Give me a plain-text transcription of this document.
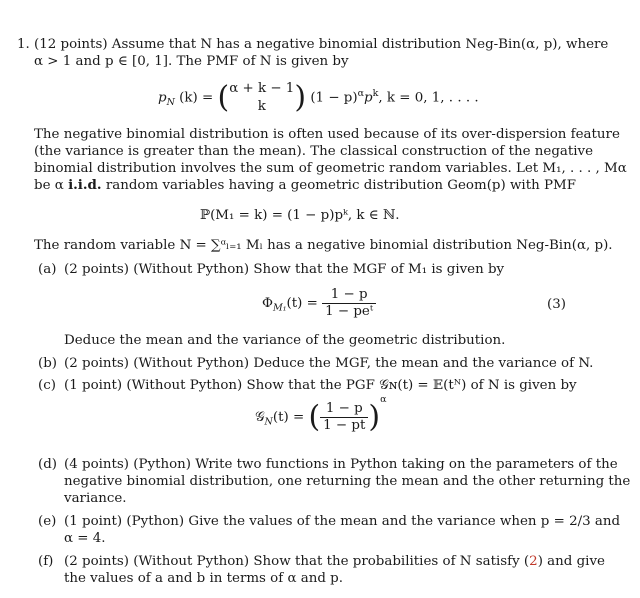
1. (12 points) Assume that N has a negative binomial distribution Neg-Bin(α, p), where
α > 1 and p ∈ [0, 1]. The PMF of N is given by
$p_N$ (k) = ( α + k − 1
k ) $(1 - p)^\alpha p^k$, k = 0, 1, . . . .
The negative binomial distribution is often used because of its over-dispersion feature
(the variance is greater than the mean). The classical construction of the negative
binomial distribution involves the sum of geometric random variables. Let M₁, . . . , Mα
be α i.i.d. random variables having a geometric distribution Geom(p) with PMF
ℙ(M₁ = k) = (1 − p)pᵏ, k ∈ ℕ.
The random variable N = ∑ᵅₗ₌₁ Mₗ has a negative binomial distribution Neg-Bin(α, p).
(a) (2 points) (Without Python) Show that the MGF of M₁ is given by
$\Phi_{M_1}(t) = \frac{1 - p}{\text{1 − peᵗ}}$	(3)
Deduce the mean and the variance of the geometric distribution.
(b) (2 points) (Without Python) Deduce the MGF, the mean and the variance of N.
(c) (1 point) (Without Python) Show that the PGF 𝒢ɴ(t) = 𝔼(tᴺ) of N is given by
𝒢$_N$(t) = ( $\frac{1 - p}{1 - pt} )^\alpha$
(d) (4 points) (Python) Write two functions in Python taking on the parameters of the
negative binomial distribution, one returning the mean and the other returning the
variance.
(e) (1 point) (Python) Give the values of the mean and the variance when p = 2/3 and
α = 4.
(f) (2 points) (Without Python) Show that the probabilities of N satisfy (2) and give
the values of a and b in terms of α and p.
